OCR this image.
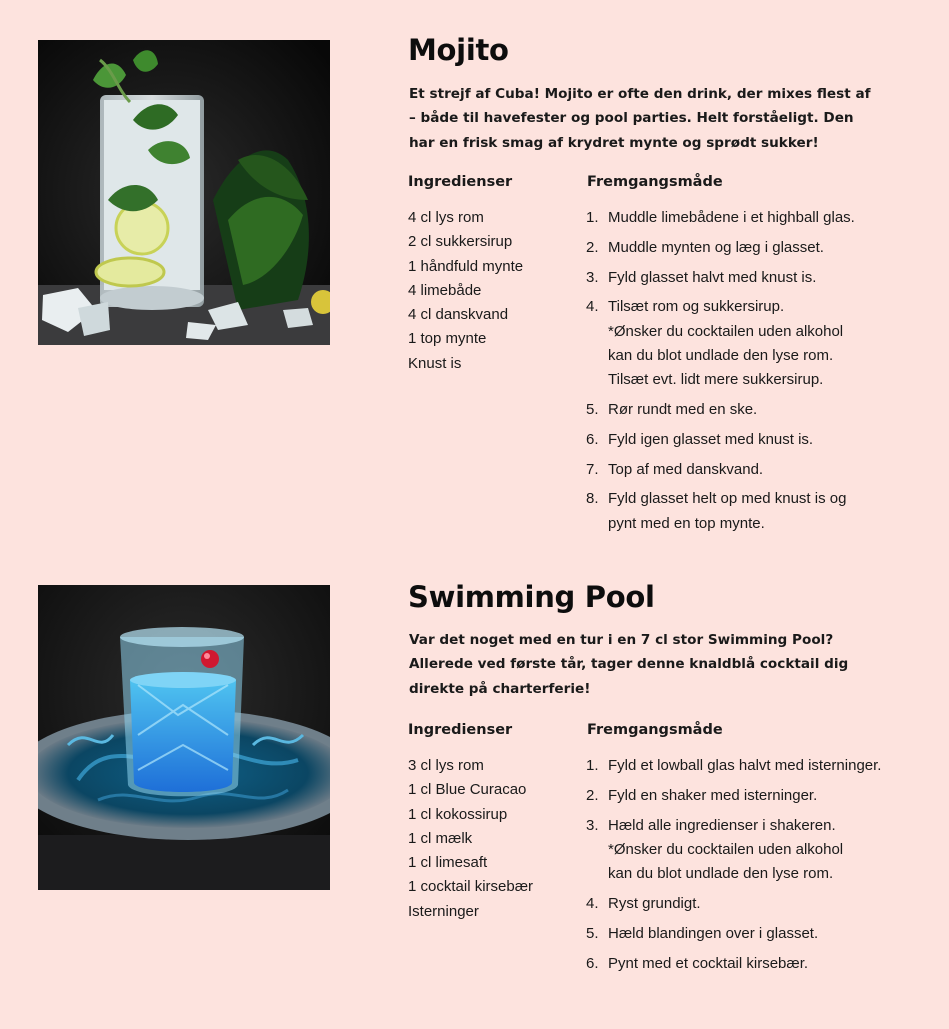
Mojito

Et strejf af Cuba! Mojito er ofte den drink, der mixes flest af
– både til havefester og pool parties. Helt forståeligt. Den
har en frisk smag af krydret mynte og sprødt sukker!

Ingredienser	Fremgangsmåde
4 cl lys rom
2 cl sukkersirup
1 håndfuld mynte
4 limebåde
4 cl danskvand
1 top mynte
Knust is
1. Muddle limebådene i et highball glas.
2. Muddle mynten og læg i glasset.
3. Fyld glasset halvt med knust is.
4. Tilsæt rom og sukkersirup.
*Ønsker du cocktailen uden alkohol
kan du blot undlade den lyse rom.
Tilsæt evt. lidt mere sukkersirup.
5. Rør rundt med en ske.
6. Fyld igen glasset med knust is.
7. Top af med danskvand.
8. Fyld glasset helt op med knust is og
pynt med en top mynte.
Swimming Pool

Var det noget med en tur i en 7 cl stor Swimming Pool?
Allerede ved første tår, tager denne knaldblå cocktail dig
direkte på charterferie!

Ingredienser	Fremgangsmåde
3 cl lys rom
1 cl Blue Curacao
1 cl kokossirup
1 cl mælk
1 cl limesaft
1 cocktail kirsebær
Isterninger
1. Fyld et lowball glas halvt med isterninger.
2. Fyld en shaker med isterninger.
3. Hæld alle ingredienser i shakeren.
*Ønsker du cocktailen uden alkohol
kan du blot undlade den lyse rom.
4. Ryst grundigt.
5. Hæld blandingen over i glasset.
6. Pynt med et cocktail kirsebær.
